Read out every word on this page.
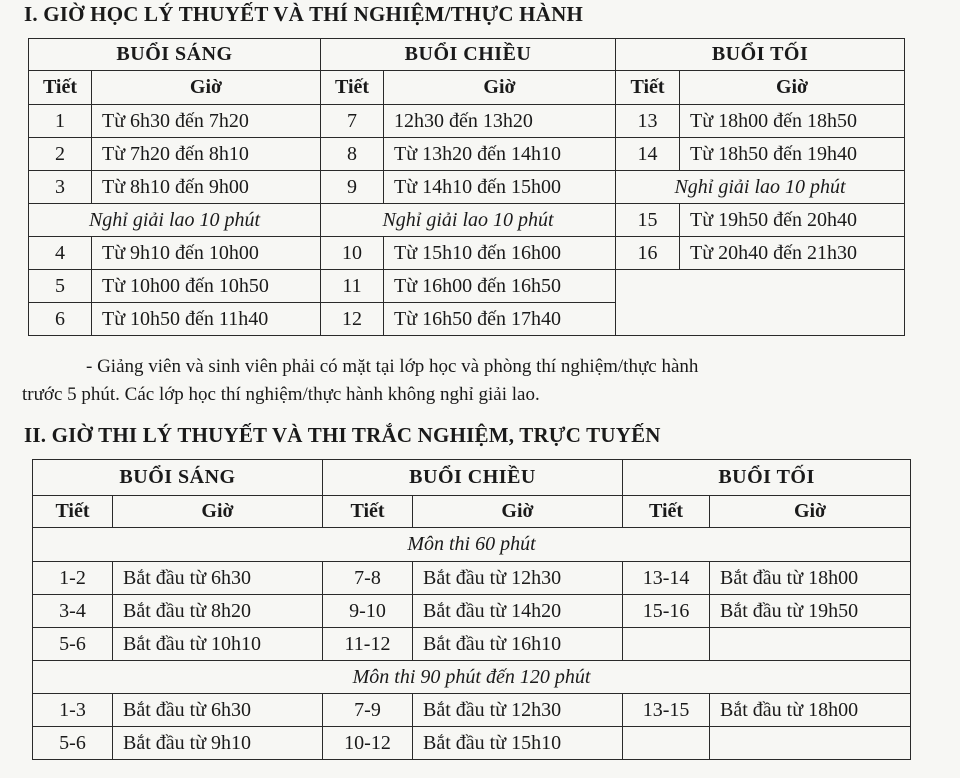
I. GIỜ HỌC LÝ THUYẾT VÀ THÍ NGHIỆM/THỰC HÀNH
BUỔI SÁNG		BUỔI CHIỀU		BUỔI TỐI	
Tiết	Giờ	Tiết	Giờ	Tiết	Giờ
1	Từ 6h30 đến 7h20	7	12h30 đến 13h20	13	Từ 18h00 đến 18h50
2	Từ 7h20 đến 8h10	8	Từ 13h20 đến 14h10	14	Từ 18h50 đến 19h40
3	Từ 8h10 đến 9h00	9	Từ 14h10 đến 15h00	Nghỉ giải lao 10 phút	
Nghỉ giải lao 10 phút		Nghỉ giải lao 10 phút		15	Từ 19h50 đến 20h40
4	Từ 9h10 đến 10h00	10	Từ 15h10 đến 16h00	16	Từ 20h40 đến 21h30
5	Từ 10h00 đến 10h50	11	Từ 16h00 đến 16h50		
6	Từ 10h50 đến 11h40	12	Từ 16h50 đến 17h40		
- Giảng viên và sinh viên phải có mặt tại lớp học và phòng thí nghiệm/thực hành
trước 5 phút. Các lớp học thí nghiệm/thực hành không nghỉ giải lao.
II. GIỜ THI LÝ THUYẾT VÀ THI TRẮC NGHIỆM, TRỰC TUYẾN
BUỔI SÁNG		BUỔI CHIỀU		BUỔI TỐI	
Tiết	Giờ	Tiết	Giờ	Tiết	Giờ
Môn thi 60 phút					
1-2	Bắt đầu từ 6h30	7-8	Bắt đầu từ 12h30	13-14	Bắt đầu từ 18h00
3-4	Bắt đầu từ 8h20	9-10	Bắt đầu từ 14h20	15-16	Bắt đầu từ 19h50
5-6	Bắt đầu từ 10h10	11-12	Bắt đầu từ 16h10		
Môn thi 90 phút đến 120 phút					
1-3	Bắt đầu từ 6h30	7-9	Bắt đầu từ 12h30	13-15	Bắt đầu từ 18h00
5-6	Bắt đầu từ 9h10	10-12	Bắt đầu từ 15h10		
